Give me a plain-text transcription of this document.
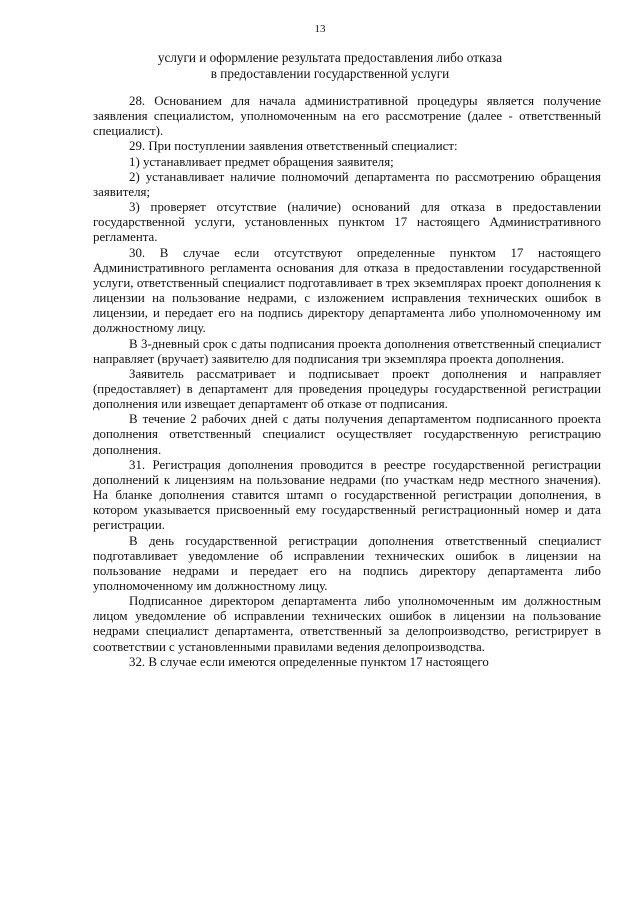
13
услуги и оформление результата предоставления либо отказа
в предоставлении государственной услуги

28. Основанием для начала административной процедуры является получение заявления специалистом, уполномоченным на его рассмотрение (далее - ответственный специалист).

29. При поступлении заявления ответственный специалист:

1) устанавливает предмет обращения заявителя;

2) устанавливает наличие полномочий департамента по рассмотрению обращения заявителя;

3) проверяет отсутствие (наличие) оснований для отказа в предоставлении государственной услуги, установленных пунктом 17 настоящего Административного регламента.

30. В случае если отсутствуют определенные пунктом 17 настоящего Административного регламента основания для отказа в предоставлении государственной услуги, ответственный специалист подготавливает в трех экземплярах проект дополнения к лицензии на пользование недрами, с изложением исправления технических ошибок в лицензии, и передает его на подпись директору департамента либо уполномоченному им должностному лицу.

В 3-дневный срок с даты подписания проекта дополнения ответственный специалист направляет (вручает) заявителю для подписания три экземпляра проекта дополнения.

Заявитель рассматривает и подписывает проект дополнения и направляет (предоставляет) в департамент для проведения процедуры государственной регистрации дополнения или извещает департамент об отказе от подписания.

В течение 2 рабочих дней с даты получения департаментом подписанного проекта дополнения ответственный специалист осуществляет государственную регистрацию дополнения.

31. Регистрация дополнения проводится в реестре государственной регистрации дополнений к лицензиям на пользование недрами (по участкам недр местного значения). На бланке дополнения ставится штамп о государственной регистрации дополнения, в котором указывается присвоенный ему государственный регистрационный номер и дата регистрации.

В день государственной регистрации дополнения ответственный специалист подготавливает уведомление об исправлении технических ошибок в лицензии на пользование недрами и передает его на подпись директору департамента либо уполномоченному им должностному лицу.

Подписанное директором департамента либо уполномоченным им должностным лицом уведомление об исправлении технических ошибок в лицензии на пользование недрами специалист департамента, ответственный за делопроизводство, регистрирует в соответствии с установленными правилами ведения делопроизводства.

32. В случае если имеются определенные пунктом 17 настоящего
